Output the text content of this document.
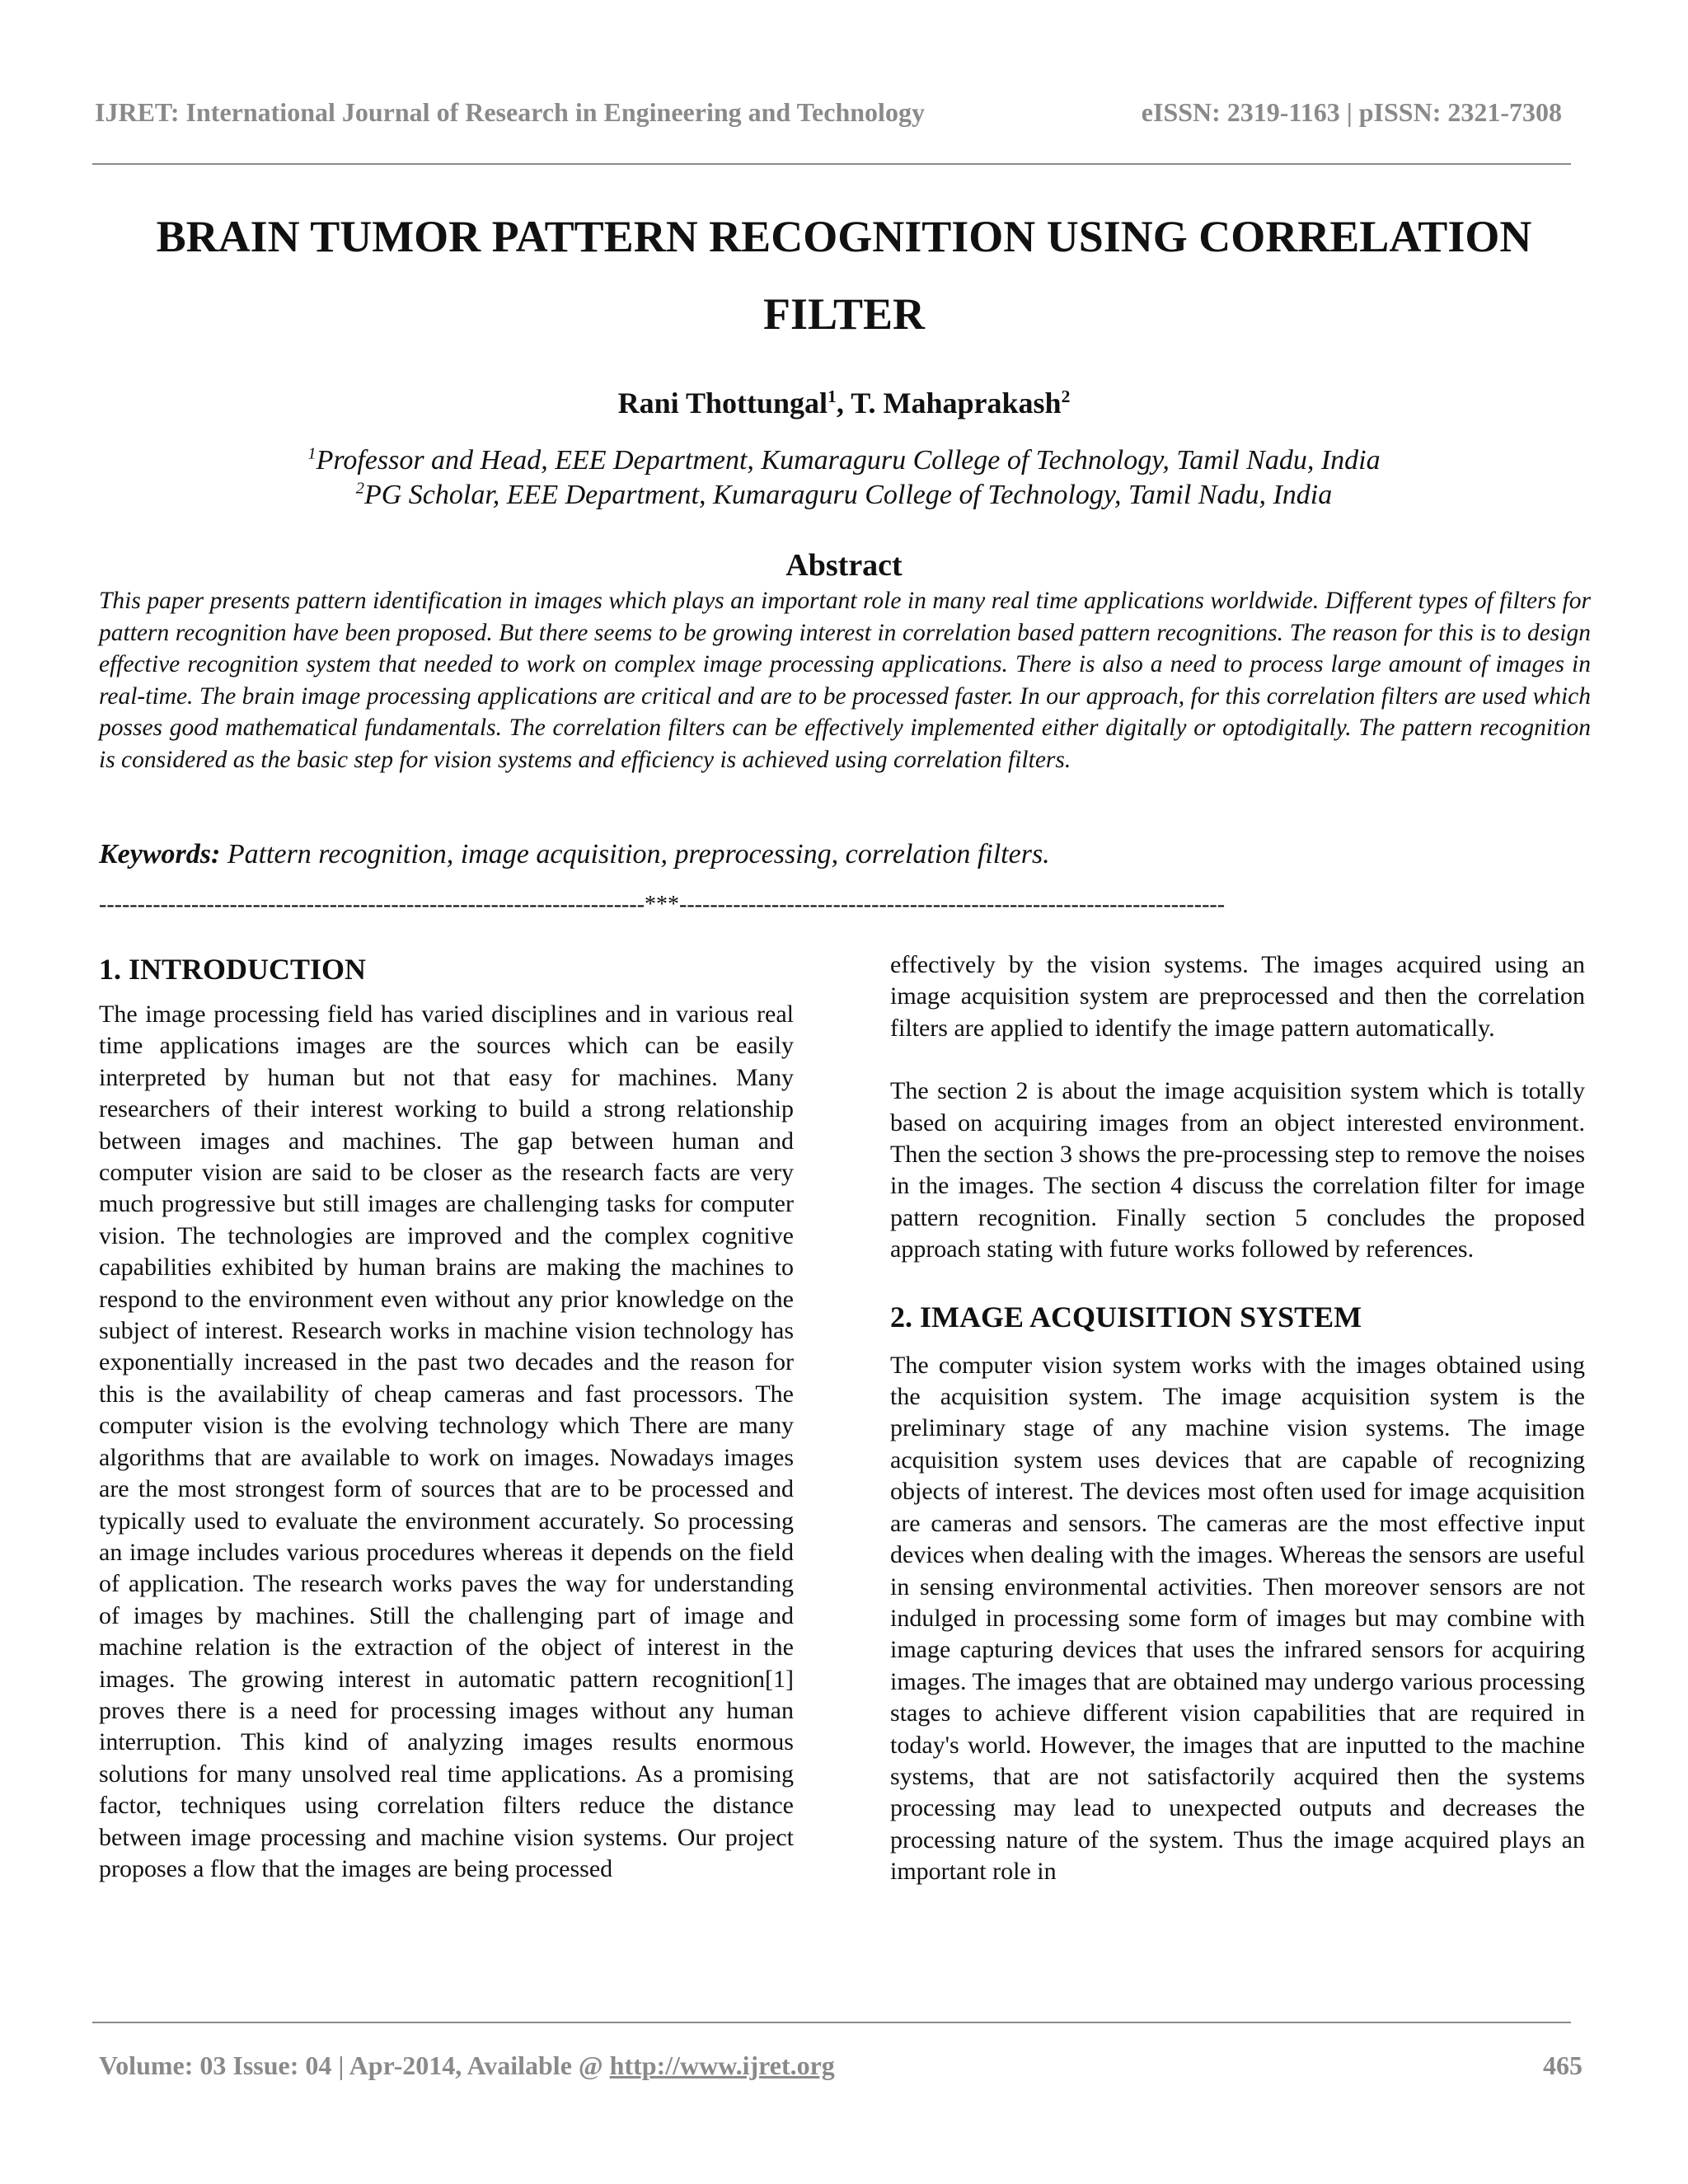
IJRET: International Journal of Research in Engineering and Technology	eISSN: 2319-1163 | pISSN: 2321-7308
BRAIN TUMOR PATTERN RECOGNITION USING CORRELATION FILTER
Rani Thottungal$^1$, T. Mahaprakash$^2$
$^1$Professor and Head, EEE Department, Kumaraguru College of Technology, Tamil Nadu, India
$^2$PG Scholar, EEE Department, Kumaraguru College of Technology, Tamil Nadu, India
Abstract

This paper presents pattern identification in images which plays an important role in many real time applications worldwide. Different types of filters for pattern recognition have been proposed. But there seems to be growing interest in correlation based pattern recognitions. The reason for this is to design effective recognition system that needed to work on complex image processing applications. There is also a need to process large amount of images in real-time. The brain image processing applications are critical and are to be processed faster. In our approach, for this correlation filters are used which posses good mathematical fundamentals. The correlation filters can be effectively implemented either digitally or optodigitally. The pattern recognition is considered as the basic step for vision systems and efficiency is achieved using correlation filters.

Keywords: Pattern recognition, image acquisition, preprocessing, correlation filters.
-----------------------------------------------------------------------***-----------------------------------------------------------------------
1. INTRODUCTION

The image processing field has varied disciplines and in various real time applications images are the sources which can be easily interpreted by human but not that easy for machines. Many researchers of their interest working to build a strong relationship between images and machines. The gap between human and computer vision are said to be closer as the research facts are very much progressive but still images are challenging tasks for computer vision. The technologies are improved and the complex cognitive capabilities exhibited by human brains are making the machines to respond to the environment even without any prior knowledge on the subject of interest. Research works in machine vision technology has exponentially increased in the past two decades and the reason for this is the availability of cheap cameras and fast processors. The computer vision is the evolving technology which There are many algorithms that are available to work on images. Nowadays images are the most strongest form of sources that are to be processed and typically used to evaluate the environment accurately. So processing an image includes various procedures whereas it depends on the field of application. The research works paves the way for understanding of images by machines. Still the challenging part of image and machine relation is the extraction of the object of interest in the images. The growing interest in automatic pattern recognition[1] proves there is a need for processing images without any human interruption. This kind of analyzing images results enormous solutions for many unsolved real time applications. As a promising factor, techniques using correlation filters reduce the distance between image processing and machine vision systems. Our project proposes a flow that the images are being processed

effectively by the vision systems. The images acquired using an image acquisition system are preprocessed and then the correlation filters are applied to identify the image pattern automatically.

The section 2 is about the image acquisition system which is totally based on acquiring images from an object interested environment. Then the section 3 shows the pre-processing step to remove the noises in the images. The section 4 discuss the correlation filter for image pattern recognition. Finally section 5 concludes the proposed approach stating with future works followed by references.

2. IMAGE ACQUISITION SYSTEM

The computer vision system works with the images obtained using the acquisition system. The image acquisition system is the preliminary stage of any machine vision systems. The image acquisition system uses devices that are capable of recognizing objects of interest. The devices most often used for image acquisition are cameras and sensors. The cameras are the most effective input devices when dealing with the images. Whereas the sensors are useful in sensing environmental activities. Then moreover sensors are not indulged in processing some form of images but may combine with image capturing devices that uses the infrared sensors for acquiring images. The images that are obtained may undergo various processing stages to achieve different vision capabilities that are required in today's world. However, the images that are inputted to the machine systems, that are not satisfactorily acquired then the systems processing may lead to unexpected outputs and decreases the processing nature of the system. Thus the image acquired plays an important role in

Volume: 03 Issue: 04 | Apr-2014, Available @ http://www.ijret.org	465
